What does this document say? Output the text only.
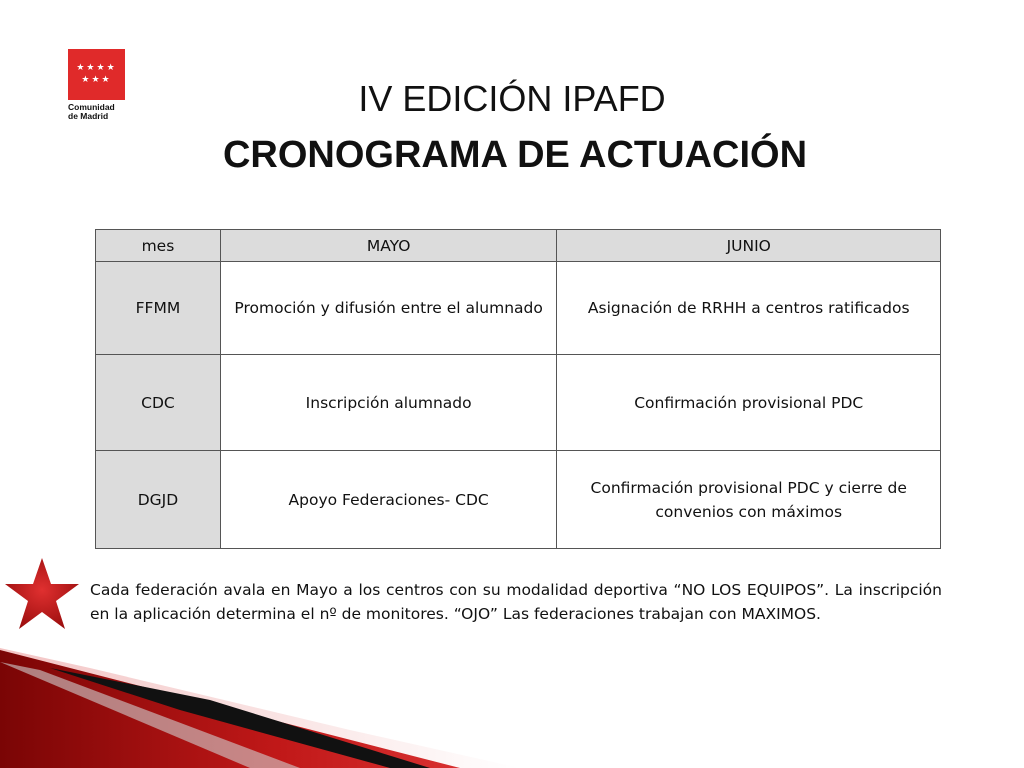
★★★★
★★★
Comunidad
de Madrid	IV EDICIÓN IPAFD
CRONOGRAMA DE ACTUACIÓN
mes	MAYO	JUNIO
FFMM	Promoción y difusión entre el alumnado	Asignación de RRHH a centros ratificados
CDC	Inscripción alumnado	Confirmación provisional PDC
DGJD	Apoyo Federaciones- CDC	Confirmación provisional PDC y cierre de convenios con máximos
Cada federación avala en Mayo a los centros con su modalidad deportiva “NO LOS EQUIPOS”. La inscripción en la aplicación determina el nº de monitores. “OJO” Las federaciones trabajan con MAXIMOS.
